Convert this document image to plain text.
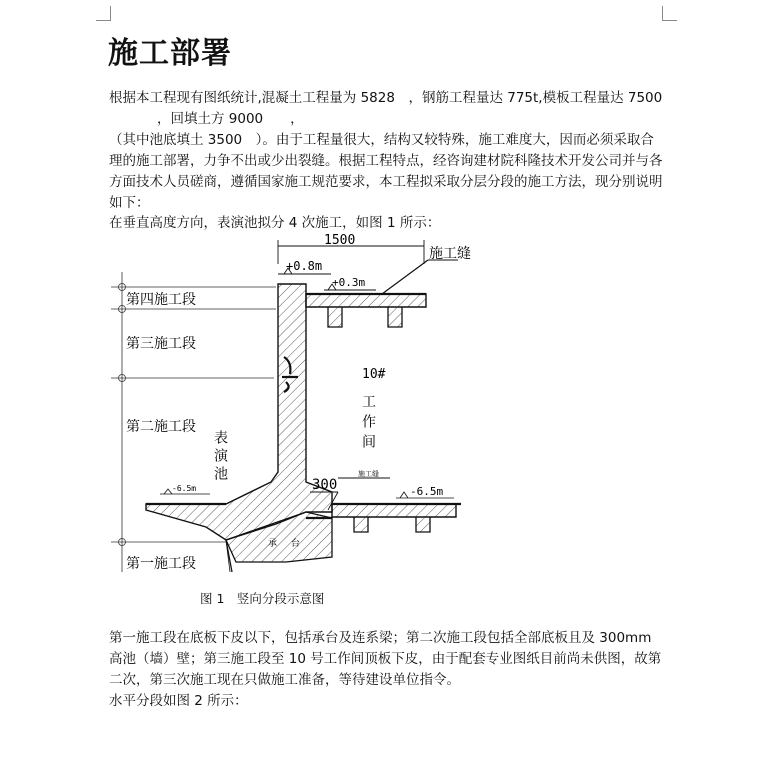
施工部署
根据本工程现有图纸统计,混凝土工程量为 5828　，钢筋工程量达 775t,模板工程量达 7500
，回填土方 9000　　，

（其中池底填土 3500　）。由于工程量很大，结构又较特殊，施工难度大，因而必须采取合理的施工部署，力争不出或少出裂缝。根据工程特点，经咨询建材院科隆技术开发公司并与各方面技术人员磋商，遵循国家施工规范要求，本工程拟采取分层分段的施工方法，现分别说明如下：

在垂直高度方向，表演池拟分 4 次施工，如图 1 所示：

1500
+0.8m
+0.3m
施工缝
第四施工段
第三施工段
第二施工段
第一施工段
表演池
10#
工作间
300
施工缝
-6.5m	-6.5m
承台
图 1　竖向分段示意图

第一施工段在底板下皮以下，包括承台及连系梁；第二次施工段包括全部底板且及 300mm 高池（墙）壁；第三施工段至 10 号工作间顶板下皮，由于配套专业图纸目前尚未供图，故第二次，第三次施工现在只做施工准备，等待建设单位指令。

水平分段如图 2 所示：
